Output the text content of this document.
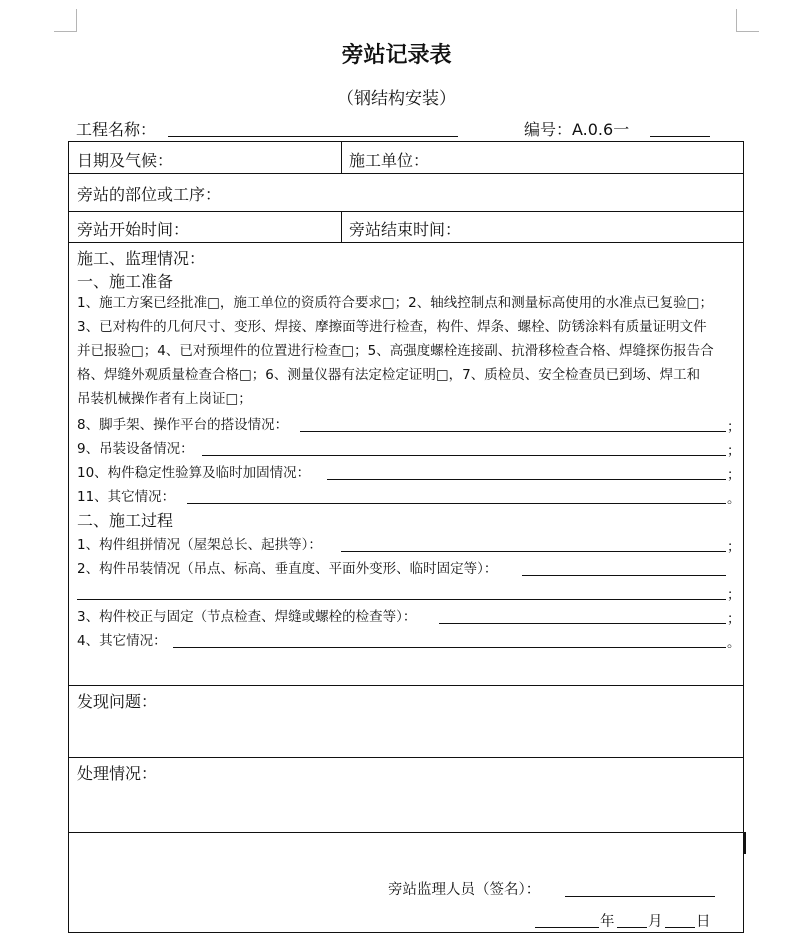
旁站记录表
（钢结构安装）
工程名称：	编号：A.0.6一
日期及气候：	施工单位：
旁站的部位或工序：
旁站开始时间：	旁站结束时间：
施工、监理情况：
一、施工准备
1、施工方案已经批准□，施工单位的资质符合要求□；2、轴线控制点和测量标高使用的水准点已复验□；
3、已对构件的几何尺寸、变形、焊接、摩擦面等进行检查，构件、焊条、螺栓、防锈涂料有质量证明文件
并已报验□；4、已对预埋件的位置进行检查□；5、高强度螺栓连接副、抗滑移检查合格、焊缝探伤报告合
格、焊缝外观质量检查合格□；6、测量仪器有法定检定证明□，7、质检员、安全检查员已到场、焊工和
吊装机械操作者有上岗证□；
8、脚手架、操作平台的搭设情况：	；
9、吊装设备情况：	；
10、构件稳定性验算及临时加固情况：	；
11、其它情况：	。
二、施工过程
1、构件组拼情况（屋架总长、起拱等）：	；
2、构件吊装情况（吊点、标高、垂直度、平面外变形、临时固定等）：
；
3、构件校正与固定（节点检查、焊缝或螺栓的检查等）：	；
4、其它情况：	。
发现问题：
处理情况：
旁站监理人员（签名）：
年 月 日
